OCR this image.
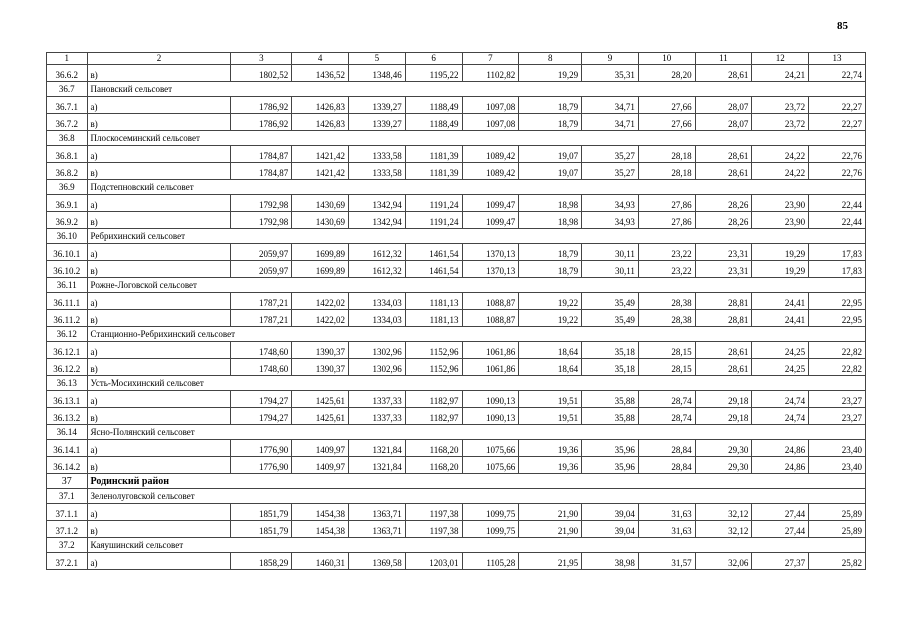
85
1	2	3	4	5	6	7	8	9	10	11	12	13
36.6.2	в)	1802,52	1436,52	1348,46	1195,22	1102,82	19,29	35,31	28,20	28,61	24,21	22,74
36.7	Пановский сельсовет											
36.7.1	а)	1786,92	1426,83	1339,27	1188,49	1097,08	18,79	34,71	27,66	28,07	23,72	22,27
36.7.2	в)	1786,92	1426,83	1339,27	1188,49	1097,08	18,79	34,71	27,66	28,07	23,72	22,27
36.8	Плоскосеминский сельсовет											
36.8.1	а)	1784,87	1421,42	1333,58	1181,39	1089,42	19,07	35,27	28,18	28,61	24,22	22,76
36.8.2	в)	1784,87	1421,42	1333,58	1181,39	1089,42	19,07	35,27	28,18	28,61	24,22	22,76
36.9	Подстепновский сельсовет											
36.9.1	а)	1792,98	1430,69	1342,94	1191,24	1099,47	18,98	34,93	27,86	28,26	23,90	22,44
36.9.2	в)	1792,98	1430,69	1342,94	1191,24	1099,47	18,98	34,93	27,86	28,26	23,90	22,44
36.10	Ребрихинский сельсовет											
36.10.1	а)	2059,97	1699,89	1612,32	1461,54	1370,13	18,79	30,11	23,22	23,31	19,29	17,83
36.10.2	в)	2059,97	1699,89	1612,32	1461,54	1370,13	18,79	30,11	23,22	23,31	19,29	17,83
36.11	Рожне-Логовской сельсовет											
36.11.1	а)	1787,21	1422,02	1334,03	1181,13	1088,87	19,22	35,49	28,38	28,81	24,41	22,95
36.11.2	в)	1787,21	1422,02	1334,03	1181,13	1088,87	19,22	35,49	28,38	28,81	24,41	22,95
36.12	Станционно-Ребрихинский сельсовет											
36.12.1	а)	1748,60	1390,37	1302,96	1152,96	1061,86	18,64	35,18	28,15	28,61	24,25	22,82
36.12.2	в)	1748,60	1390,37	1302,96	1152,96	1061,86	18,64	35,18	28,15	28,61	24,25	22,82
36.13	Усть-Мосихинский сельсовет											
36.13.1	а)	1794,27	1425,61	1337,33	1182,97	1090,13	19,51	35,88	28,74	29,18	24,74	23,27
36.13.2	в)	1794,27	1425,61	1337,33	1182,97	1090,13	19,51	35,88	28,74	29,18	24,74	23,27
36.14	Ясно-Полянский сельсовет											
36.14.1	а)	1776,90	1409,97	1321,84	1168,20	1075,66	19,36	35,96	28,84	29,30	24,86	23,40
36.14.2	в)	1776,90	1409,97	1321,84	1168,20	1075,66	19,36	35,96	28,84	29,30	24,86	23,40
37	Родинский район											
37.1	Зеленолуговской сельсовет											
37.1.1	а)	1851,79	1454,38	1363,71	1197,38	1099,75	21,90	39,04	31,63	32,12	27,44	25,89
37.1.2	в)	1851,79	1454,38	1363,71	1197,38	1099,75	21,90	39,04	31,63	32,12	27,44	25,89
37.2	Каяушинский сельсовет											
37.2.1	а)	1858,29	1460,31	1369,58	1203,01	1105,28	21,95	38,98	31,57	32,06	27,37	25,82
